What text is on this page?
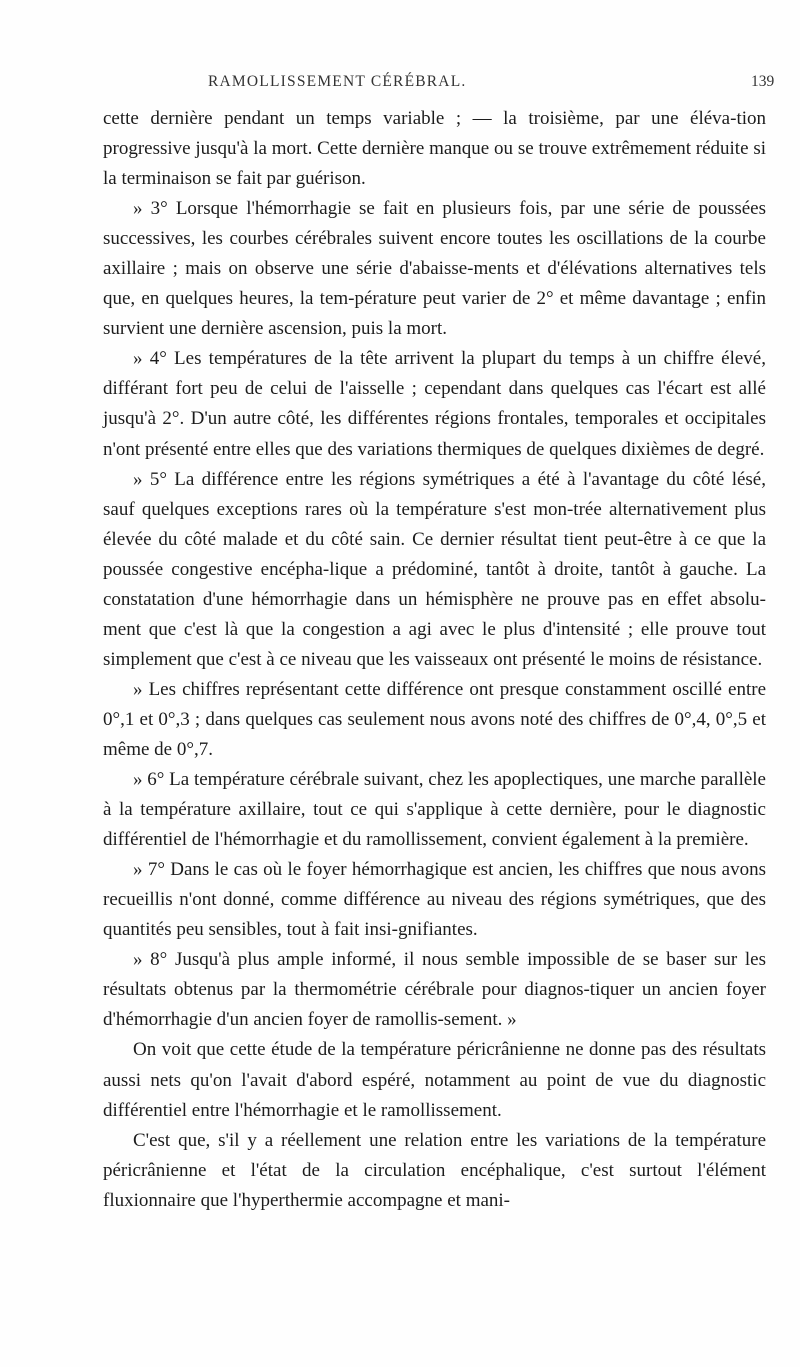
RAMOLLISSEMENT CÉRÉBRAL.	139

cette dernière pendant un temps variable ; — la troisième, par une éléva-tion progressive jusqu'à la mort. Cette dernière manque ou se trouve extrêmement réduite si la terminaison se fait par guérison.

» 3° Lorsque l'hémorrhagie se fait en plusieurs fois, par une série de poussées successives, les courbes cérébrales suivent encore toutes les oscillations de la courbe axillaire ; mais on observe une série d'abaisse-ments et d'élévations alternatives tels que, en quelques heures, la tem-pérature peut varier de 2° et même davantage ; enfin survient une dernière ascension, puis la mort.

» 4° Les températures de la tête arrivent la plupart du temps à un chiffre élevé, différant fort peu de celui de l'aisselle ; cependant dans quelques cas l'écart est allé jusqu'à 2°. D'un autre côté, les différentes régions frontales, temporales et occipitales n'ont présenté entre elles que des variations thermiques de quelques dixièmes de degré.

» 5° La différence entre les régions symétriques a été à l'avantage du côté lésé, sauf quelques exceptions rares où la température s'est mon-trée alternativement plus élevée du côté malade et du côté sain. Ce dernier résultat tient peut-être à ce que la poussée congestive encépha-lique a prédominé, tantôt à droite, tantôt à gauche. La constatation d'une hémorrhagie dans un hémisphère ne prouve pas en effet absolu-ment que c'est là que la congestion a agi avec le plus d'intensité ; elle prouve tout simplement que c'est à ce niveau que les vaisseaux ont présenté le moins de résistance.

» Les chiffres représentant cette différence ont presque constamment oscillé entre 0°,1 et 0°,3 ; dans quelques cas seulement nous avons noté des chiffres de 0°,4, 0°,5 et même de 0°,7.

» 6° La température cérébrale suivant, chez les apoplectiques, une marche parallèle à la température axillaire, tout ce qui s'applique à cette dernière, pour le diagnostic différentiel de l'hémorrhagie et du ramollissement, convient également à la première.

» 7° Dans le cas où le foyer hémorrhagique est ancien, les chiffres que nous avons recueillis n'ont donné, comme différence au niveau des régions symétriques, que des quantités peu sensibles, tout à fait insi-gnifiantes.

» 8° Jusqu'à plus ample informé, il nous semble impossible de se baser sur les résultats obtenus par la thermométrie cérébrale pour diagnos-tiquer un ancien foyer d'hémorrhagie d'un ancien foyer de ramollis-sement. »

On voit que cette étude de la température péricrânienne ne donne pas des résultats aussi nets qu'on l'avait d'abord espéré, notamment au point de vue du diagnostic différentiel entre l'hémorrhagie et le ramollissement.

C'est que, s'il y a réellement une relation entre les variations de la température péricrânienne et l'état de la circulation encéphalique, c'est surtout l'élément fluxionnaire que l'hyperthermie accompagne et mani-
